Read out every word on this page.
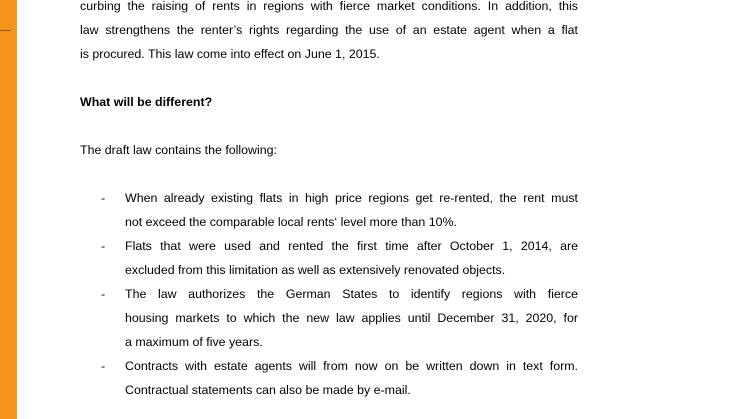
curbing the raising of rents in regions with fierce market conditions. In addition, this
law strengthens the renter’s rights regarding the use of an estate agent when a flat
is procured. This law come into effect on June 1, 2015.

What will be different?

The draft law contains the following:

- When already existing flats in high price regions get re-rented, the rent must
not exceed the comparable local rents‘ level more than 10%.
- Flats that were used and rented the first time after October 1, 2014, are
excluded from this limitation as well as extensively renovated objects.
- The law authorizes the German States to identify regions with fierce
housing markets to which the new law applies until December 31, 2020, for
a maximum of five years.
- Contracts with estate agents will from now on be written down in text form.
Contractual statements can also be made by e-mail.
